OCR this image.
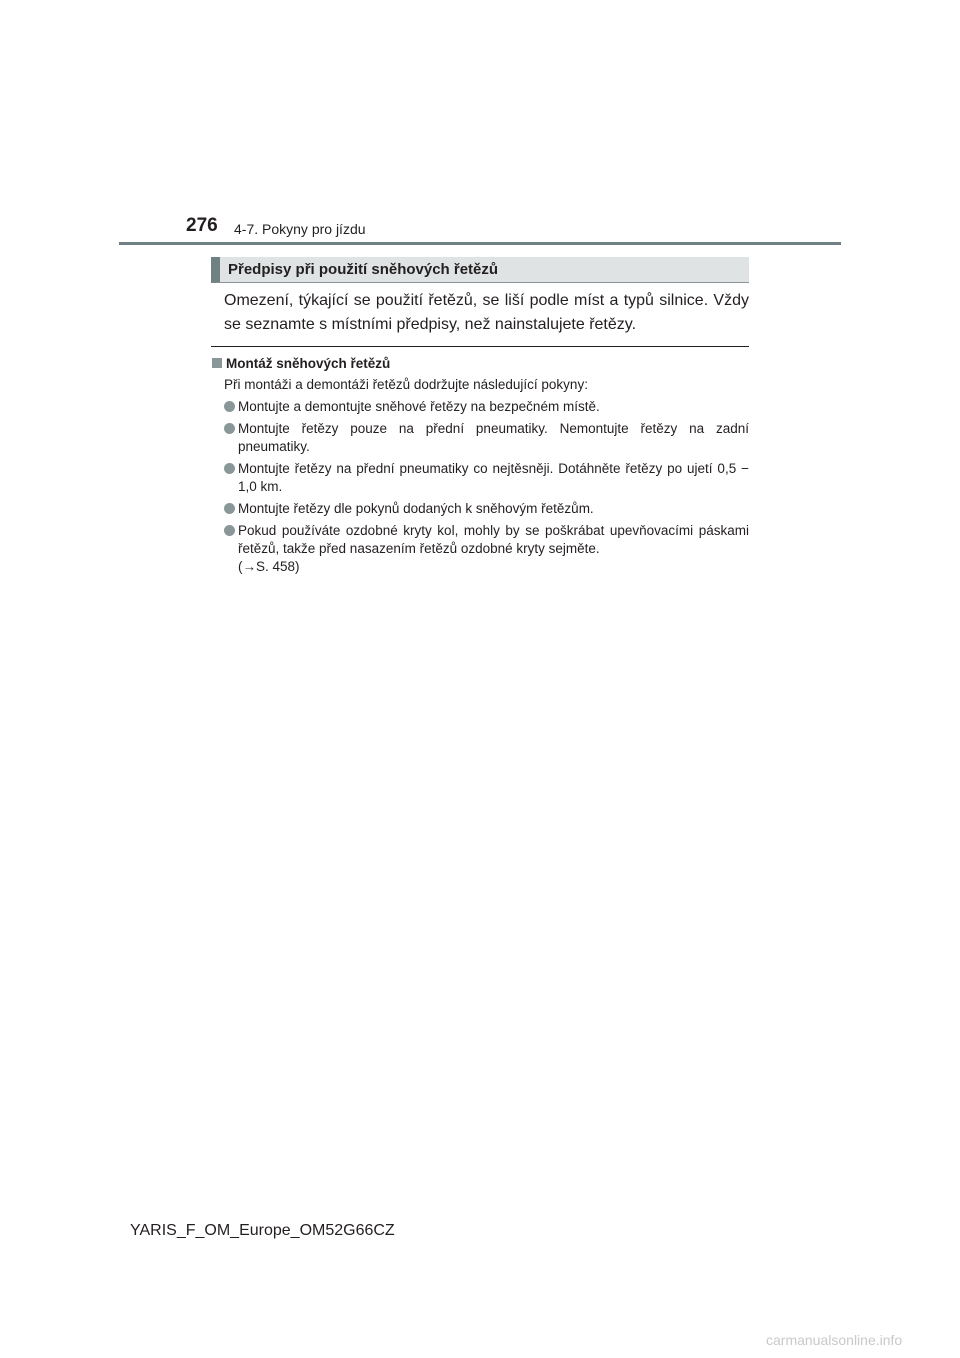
276 4-7. Pokyny pro jízdu
Předpisy při použití sněhových řetězů
Omezení, týkající se použití řetězů, se liší podle míst a typů silnice. Vždy se seznamte s místními předpisy, než nainstalujete řetězy.
Montáž sněhových řetězů
Při montáži a demontáži řetězů dodržujte následující pokyny:
Montujte a demontujte sněhové řetězy na bezpečném místě.
Montujte řetězy pouze na přední pneumatiky. Nemontujte řetězy na zadní pneumatiky.
Montujte řetězy na přední pneumatiky co nejtěsněji. Dotáhněte řetězy po ujetí 0,5 − 1,0 km.
Montujte řetězy dle pokynů dodaných k sněhovým řetězům.
Pokud používáte ozdobné kryty kol, mohly by se poškrábat upevňovacími páskami řetězů, takže před nasazením řetězů ozdobné kryty sejměte.
(→S. 458)
YARIS_F_OM_Europe_OM52G66CZ
carmanualsonline.info
